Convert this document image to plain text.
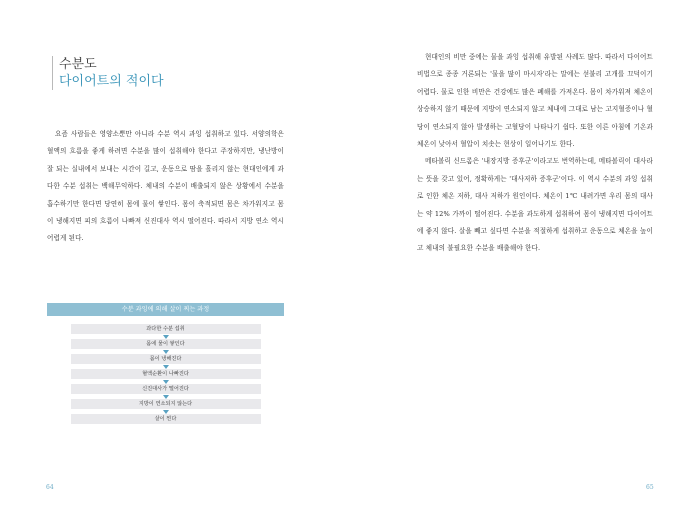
수분도
다이어트의 적이다

요즘 사람들은 영양소뿐만 아니라 수분 역시 과잉 섭취하고 있다. 서양의학은 혈액의 흐름을 좋게 하려면 수분을 많이 섭취해야 한다고 주장하지만, 냉난방이 잘 되는 실내에서 보내는 시간이 길고, 운동으로 땀을 흘리지 않는 현대인에게 과다한 수분 섭취는 백해무익하다. 체내의 수분이 배출되지 않은 상황에서 수분을 흡수하기만 한다면 당연히 몸에 물이 쌓인다. 몸이 축적되면 몸은 차가워지고 몸이 냉해지면 피의 흐름이 나빠져 신진대사 역시 떨어진다. 따라서 지방 연소 역시 어렵게 된다.

수분 과잉에 의해 살이 찌는 과정
과다한 수분 섭취
몸에 물이 쌓인다
몸이 냉해진다
혈액순환이 나빠진다
신진대사가 떨어진다
지방이 연소되지 않는다
살이 찐다
64

현대인의 비만 중에는 물을 과잉 섭취해 유발된 사례도 많다. 따라서 다이어트 비법으로 종종 거론되는 '물을 많이 마시자'라는 말에는 섣불리 고개를 끄덕이기 어렵다. 물로 인한 비만은 건강에도 많은 폐해를 가져온다. 몸이 차가워져 체온이 상승하지 않기 때문에 지방이 연소되지 않고 체내에 그대로 남는 고지혈증이나 혈당이 연소되지 않아 발생하는 고혈당이 나타나기 쉽다. 또한 이른 아침에 기온과 체온이 낮아서 혈압이 치솟는 현상이 일어나기도 한다.

메타볼릭 신드롬은 '내장지방 증후군'이라고도 번역하는데, 메타볼릭이 대사라는 뜻을 갖고 있어, 정확하게는 '대사저하 증후군'이다. 이 역시 수분의 과잉 섭취로 인한 체온 저하, 대사 저하가 원인이다. 체온이 1℃ 내려가면 우리 몸의 대사는 약 12% 가까이 떨어진다. 수분을 과도하게 섭취하여 몸이 냉해지면 다이어트에 좋지 않다. 살을 빼고 싶다면 수분을 적절하게 섭취하고 운동으로 체온을 높이고 체내의 불필요한 수분을 배출해야 한다.

65
